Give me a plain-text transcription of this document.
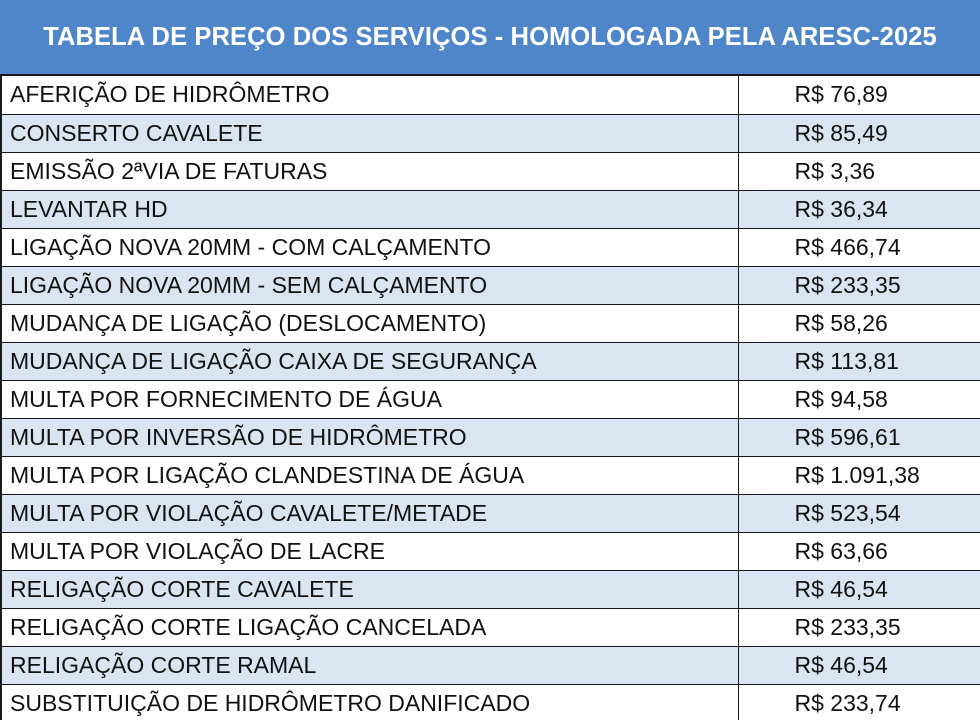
TABELA DE PREÇO DOS SERVIÇOS - HOMOLOGADA PELA ARESC-2025
AFERIÇÃO DE HIDRÔMETRO	R$ 76,89
CONSERTO CAVALETE	R$ 85,49
EMISSÃO 2ªVIA DE FATURAS	R$ 3,36
LEVANTAR HD	R$ 36,34
LIGAÇÃO NOVA 20MM - COM CALÇAMENTO	R$ 466,74
LIGAÇÃO NOVA 20MM - SEM CALÇAMENTO	R$ 233,35
MUDANÇA DE LIGAÇÃO (DESLOCAMENTO)	R$ 58,26
MUDANÇA DE LIGAÇÃO CAIXA DE SEGURANÇA	R$ 113,81
MULTA POR FORNECIMENTO DE ÁGUA	R$ 94,58
MULTA POR INVERSÃO DE HIDRÔMETRO	R$ 596,61
MULTA POR LIGAÇÃO CLANDESTINA DE ÁGUA	R$ 1.091,38
MULTA POR VIOLAÇÃO CAVALETE/METADE	R$ 523,54
MULTA POR VIOLAÇÃO DE LACRE	R$ 63,66
RELIGAÇÃO CORTE CAVALETE	R$ 46,54
RELIGAÇÃO CORTE LIGAÇÃO CANCELADA	R$ 233,35
RELIGAÇÃO CORTE RAMAL	R$ 46,54
SUBSTITUIÇÃO DE HIDRÔMETRO DANIFICADO	R$ 233,74
